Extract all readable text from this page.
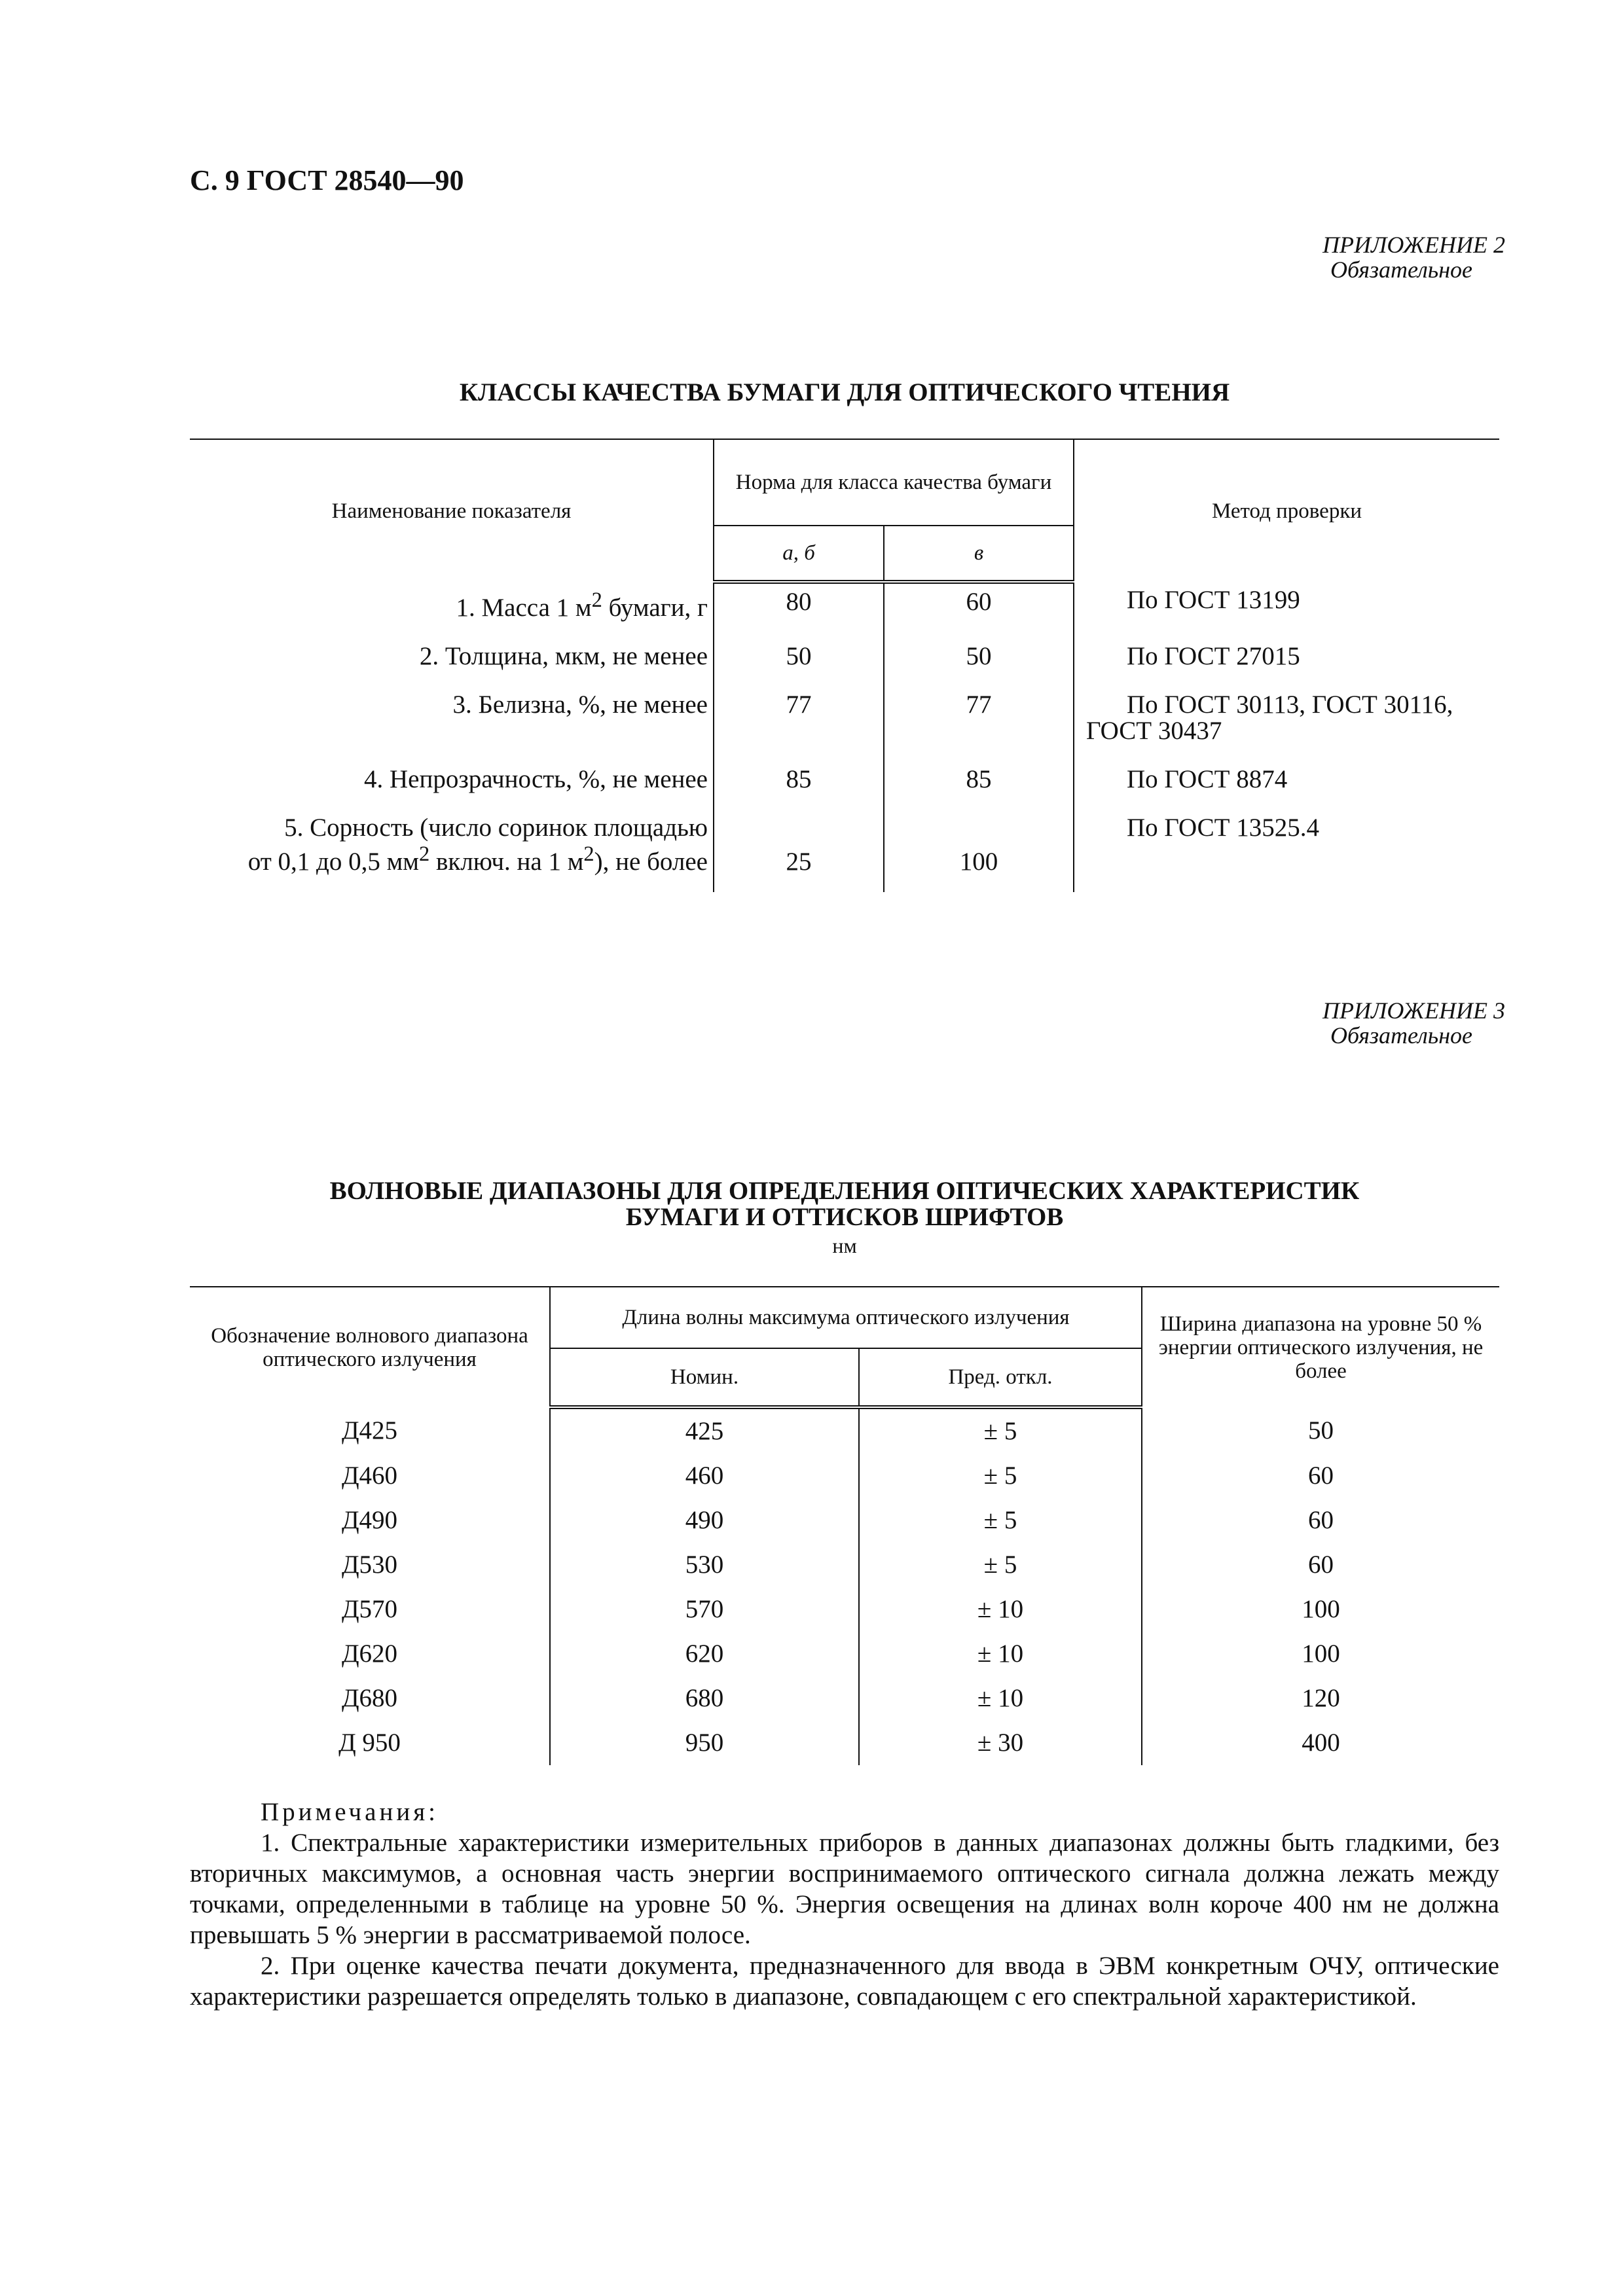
С. 9 ГОСТ 28540—90
ПРИЛОЖЕНИЕ 2

Обязательное
КЛАССЫ КАЧЕСТВА БУМАГИ ДЛЯ ОПТИЧЕСКОГО ЧТЕНИЯ
Наименование показателя	Норма для класса качества бумаги		Метод проверки
	а, б	в	
1. Масса 1 $м^2$ бумаги, г	80	60	По ГОСТ 13199
2. Толщина, мкм, не менее	50	50	По ГОСТ 27015
3. Белизна, %, не менее	77	77	По ГОСТ 30113, ГОСТ 30116, ГОСТ 30437
4. Непрозрачность, %, не менее	85	85	По ГОСТ 8874
5. Сорность (число соринок площадью
от 0,1 до 0,5 $мм^2$ включ. на 1 $м^2$), не более	25	100	По ГОСТ 13525.4
ПРИЛОЖЕНИЕ 3

Обязательное
ВОЛНОВЫЕ ДИАПАЗОНЫ ДЛЯ ОПРЕДЕЛЕНИЯ ОПТИЧЕСКИХ ХАРАКТЕРИСТИК
БУМАГИ И ОТТИСКОВ ШРИФТОВ
нм
Обозначение волнового диапазона оптического излучения	Длина волны максимума оптического излучения		Ширина диапазона на уровне 50 % энергии оптического излучения, не более
	Номин.	Пред. откл.	
Д425	425	± 5	50
Д460	460	± 5	60
Д490	490	± 5	60
Д530	530	± 5	60
Д570	570	± 10	100
Д620	620	± 10	100
Д680	680	± 10	120
Д 950	950	± 30	400

Примечания:

1. Спектральные характеристики измерительных приборов в данных диапазонах должны быть гладкими, без вторичных максимумов, а основная часть энергии воспринимаемого оптического сигнала должна лежать между точками, определенными в таблице на уровне 50 %. Энергия освещения на длинах волн короче 400 нм не должна превышать 5 % энергии в рассматриваемой полосе.

2. При оценке качества печати документа, предназначенного для ввода в ЭВМ конкретным ОЧУ, оптические характеристики разрешается определять только в диапазоне, совпадающем с его спектральной характеристикой.
